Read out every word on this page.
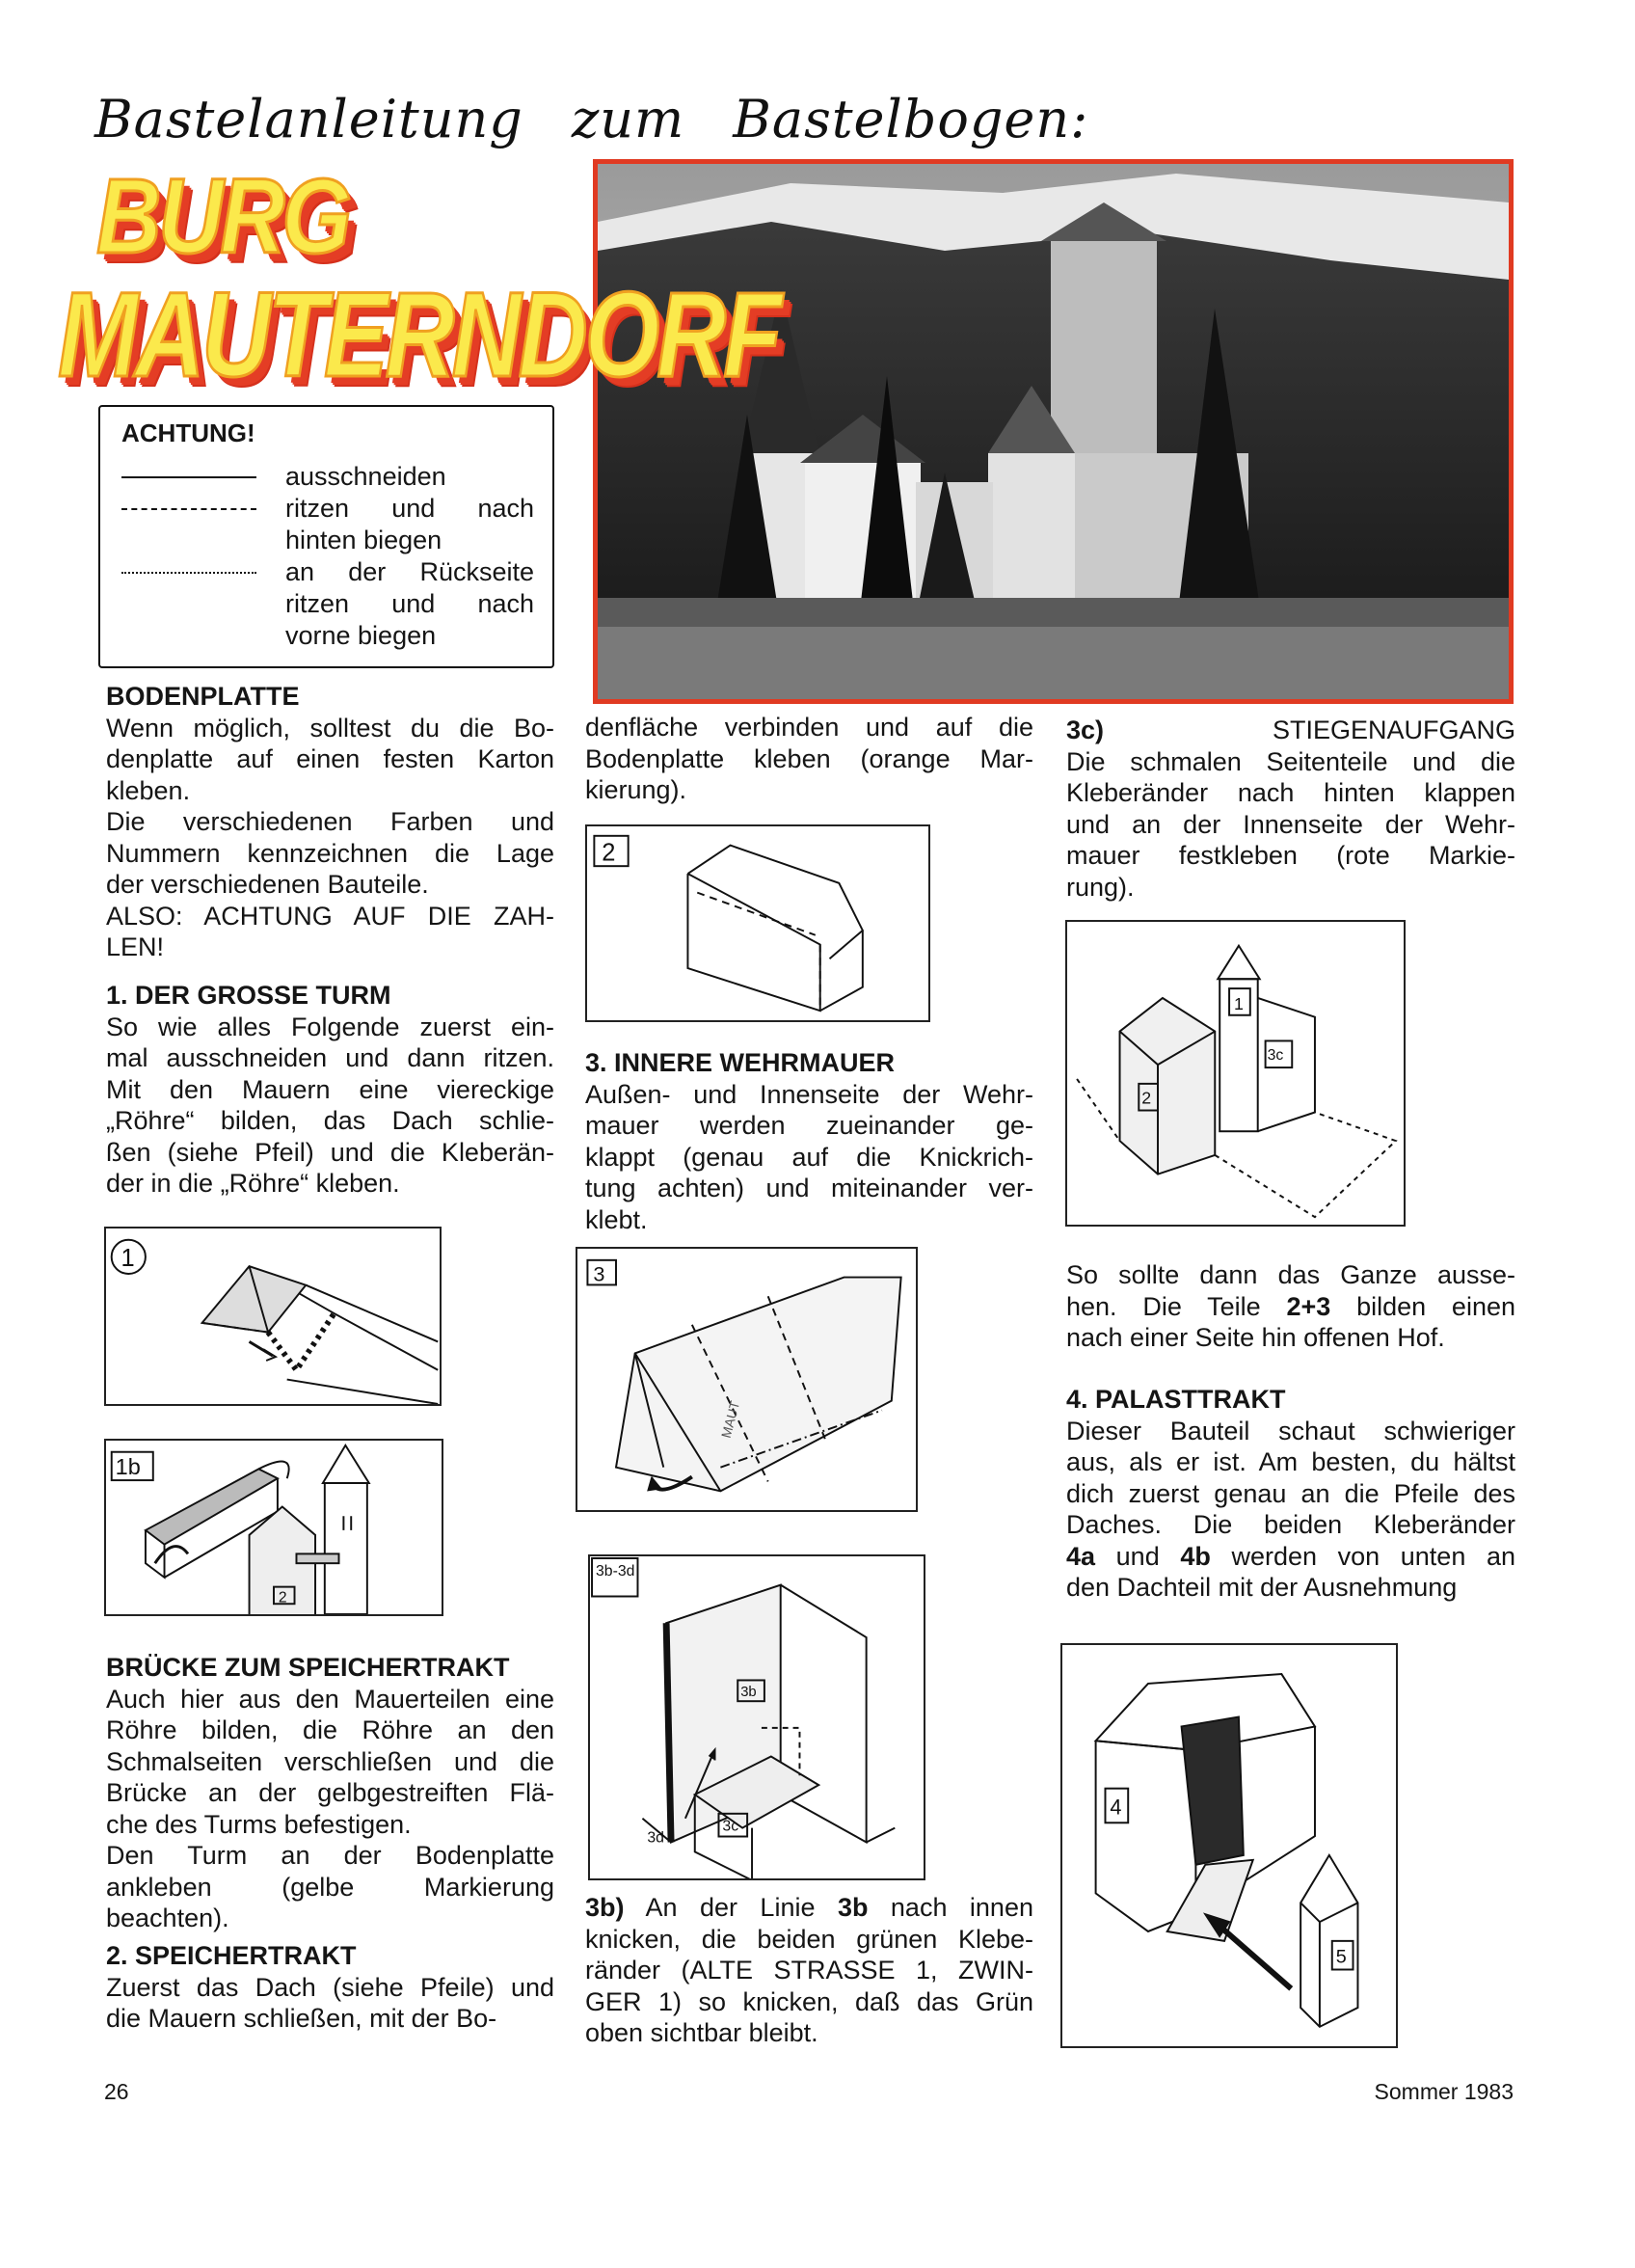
Bastelanleitung zum Bastelbogen:
BURG
MAUTERNDORF
ACHTUNG!
ausschneiden
ritzen und nach
hinten biegen
an der Rückseite
ritzen und nach
vorne biegen
BODENPLATTE
Wenn möglich, solltest du die Bo-
denplatte auf einen festen Karton
kleben.
Die verschiedenen Farben und
Nummern kennzeichnen die Lage
der verschiedenen Bauteile.
ALSO: ACHTUNG AUF DIE ZAH-
LEN!
1. DER GROSSE TURM
So wie alles Folgende zuerst ein-
mal ausschneiden und dann ritzen.
Mit den Mauern eine viereckige
„Röhre“ bilden, das Dach schlie-
ßen (siehe Pfeil) und die Kleberän-
der in die „Röhre“ kleben.
1
1b
2
BRÜCKE ZUM SPEICHERTRAKT
Auch hier aus den Mauerteilen eine
Röhre bilden, die Röhre an den
Schmalseiten verschließen und die
Brücke an der gelbgestreiften Flä-
che des Turms befestigen.
Den Turm an der Bodenplatte
ankleben (gelbe Markierung
beachten).
2. SPEICHERTRAKT
Zuerst das Dach (siehe Pfeile) und
die Mauern schließen, mit der Bo-
denfläche verbinden und auf die
Bodenplatte kleben (orange Mar-
kierung).
2
3. INNERE WEHRMAUER
Außen- und Innenseite der Wehr-
mauer werden zueinander ge-
klappt (genau auf die Knickrich-
tung achten) und miteinander ver-
klebt.
3
MAUT
3b-3d
3b
3d
3c
3b) An der Linie 3b nach innen
knicken, die beiden grünen Klebe-
ränder (ALTE STRASSE 1, ZWIN-
GER 1) so knicken, daß das Grün
oben sichtbar bleibt.
3c) STIEGENAUFGANG
Die schmalen Seitenteile und die
Kleberänder nach hinten klappen
und an der Innenseite der Wehr-
mauer festkleben (rote Markie-
rung).
1
3c
2
So sollte dann das Ganze ausse-
hen. Die Teile 2+3 bilden einen
nach einer Seite hin offenen Hof.
4. PALASTTRAKT
Dieser Bauteil schaut schwieriger
aus, als er ist. Am besten, du hältst
dich zuerst genau an die Pfeile des
Daches. Die beiden Kleberänder
4a und 4b werden von unten an
den Dachteil mit der Ausnehmung
4
5
26	Sommer 1983
